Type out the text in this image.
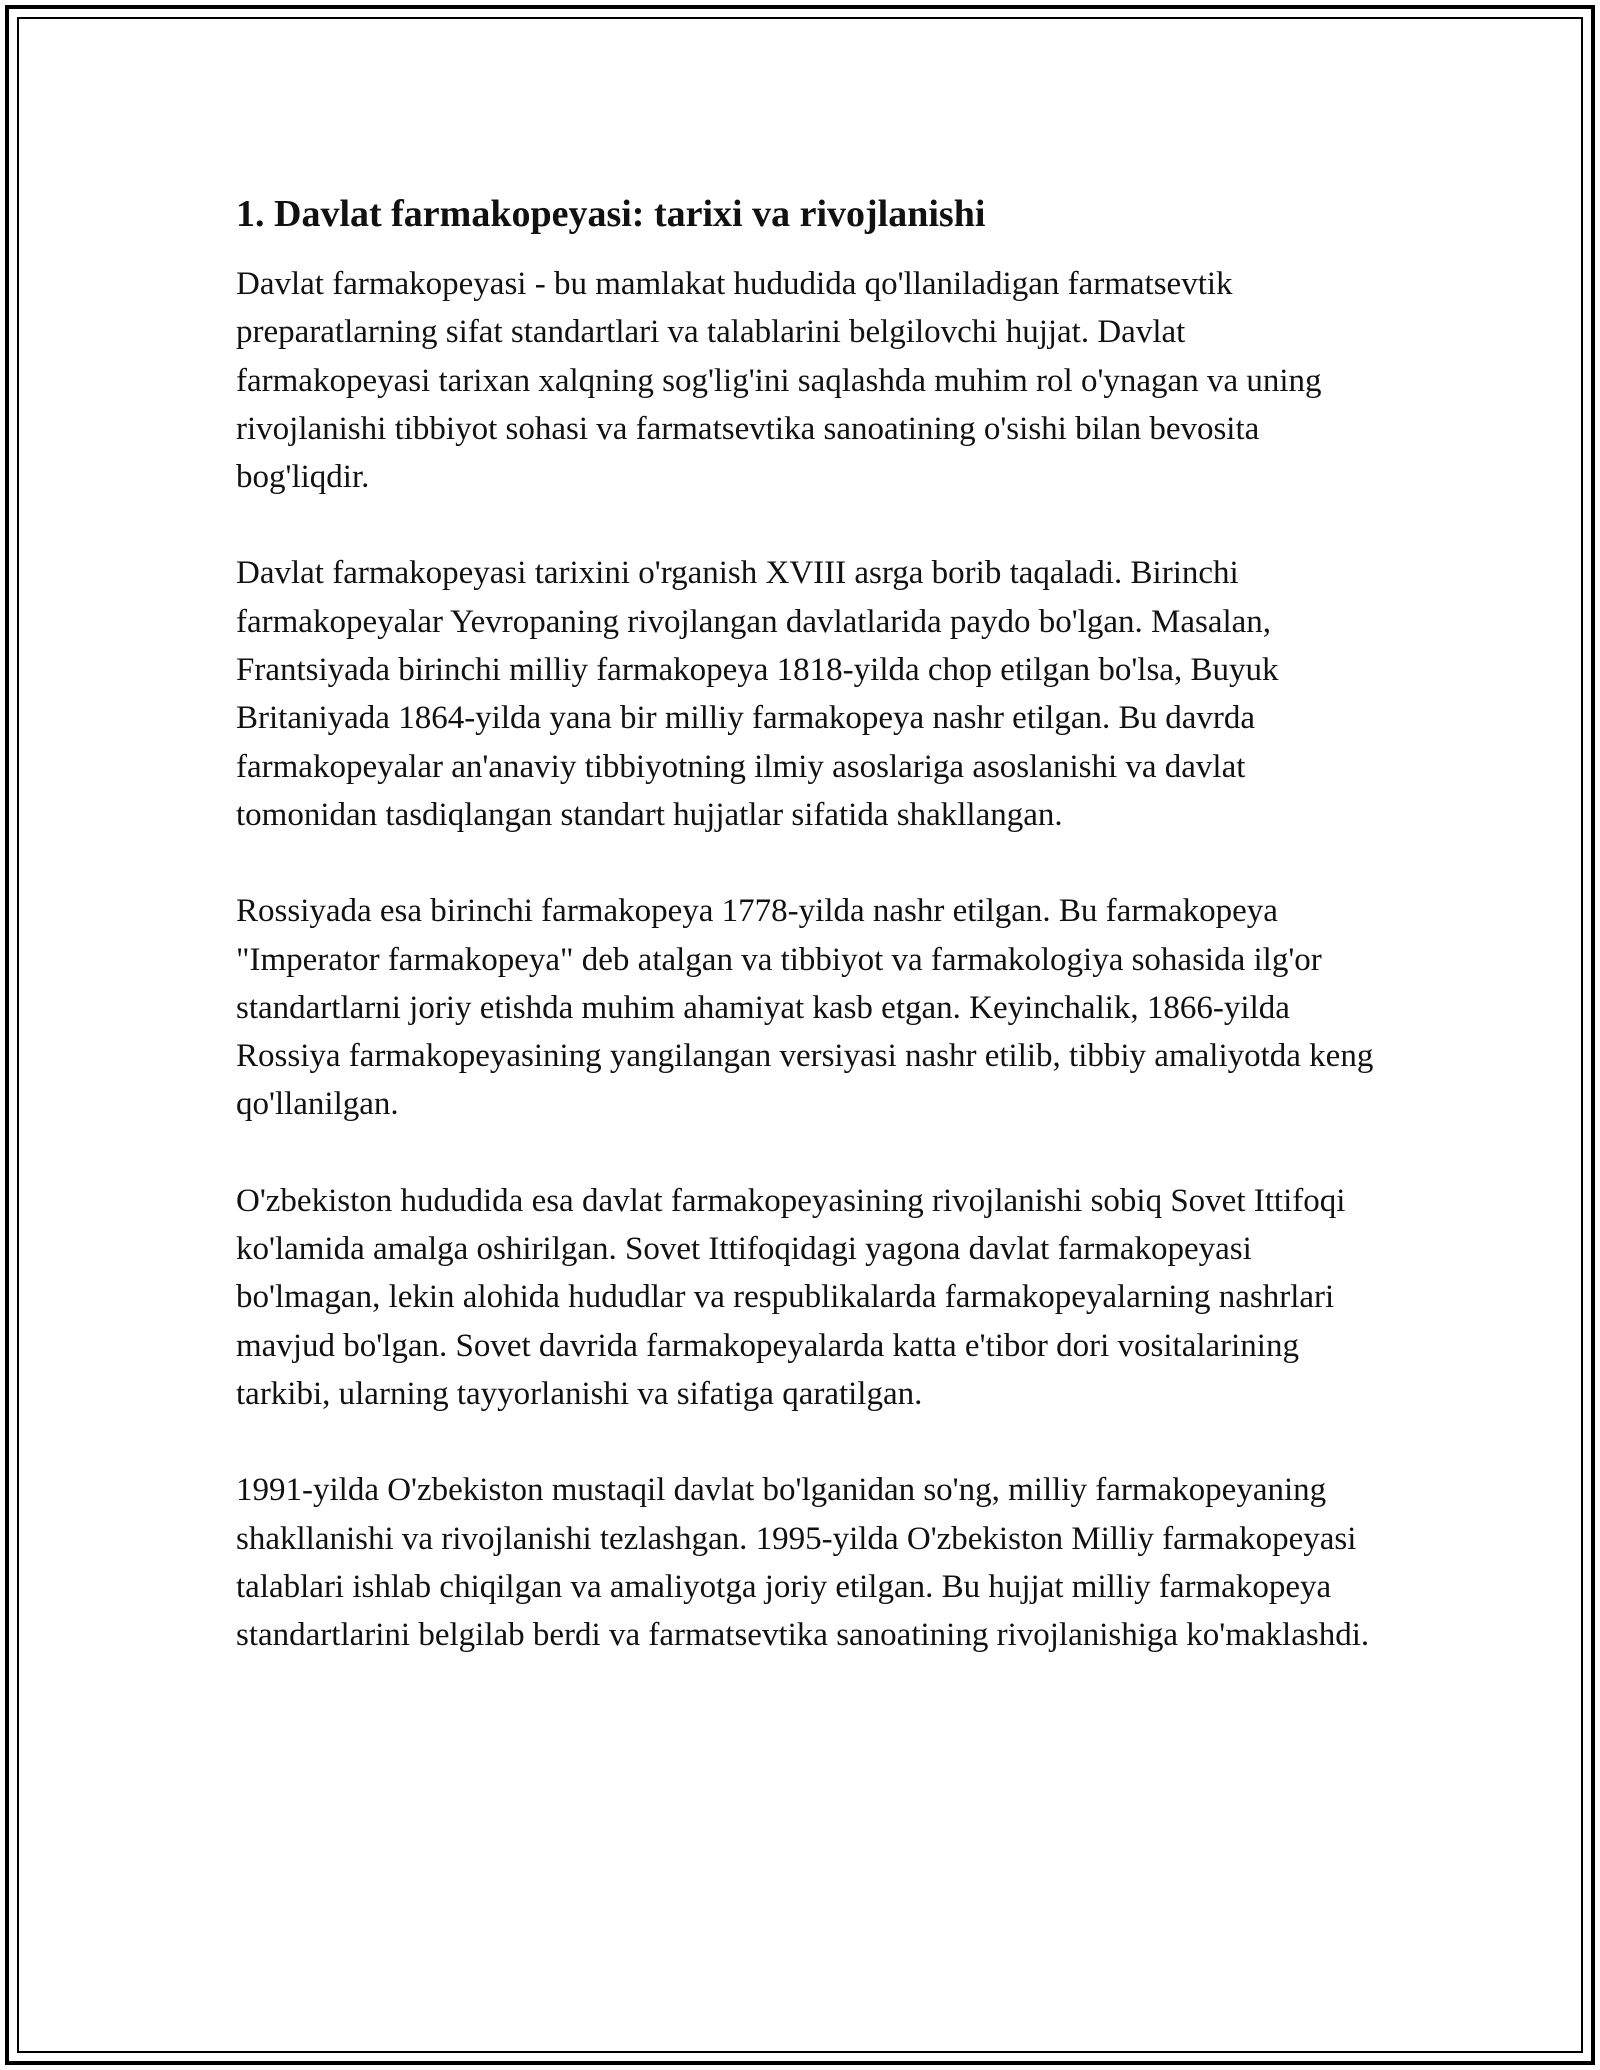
1. Davlat farmakopeyasi: tarixi va rivojlanishi

Davlat farmakopeyasi - bu mamlakat hududida qo'llaniladigan farmatsevtik preparatlarning sifat standartlari va talablarini belgilovchi hujjat. Davlat farmakopeyasi tarixan xalqning sog'lig'ini saqlashda muhim rol o'ynagan va uning rivojlanishi tibbiyot sohasi va farmatsevtika sanoatining o'sishi bilan bevosita bog'liqdir.

Davlat farmakopeyasi tarixini o'rganish XVIII asrga borib taqaladi. Birinchi farmakopeyalar Yevropaning rivojlangan davlatlarida paydo bo'lgan. Masalan, Frantsiyada birinchi milliy farmakopeya 1818-yilda chop etilgan bo'lsa, Buyuk Britaniyada 1864-yilda yana bir milliy farmakopeya nashr etilgan. Bu davrda farmakopeyalar an'anaviy tibbiyotning ilmiy asoslariga asoslanishi va davlat tomonidan tasdiqlangan standart hujjatlar sifatida shakllangan.

Rossiyada esa birinchi farmakopeya 1778-yilda nashr etilgan. Bu farmakopeya "Imperator farmakopeya" deb atalgan va tibbiyot va farmakologiya sohasida ilg'or standartlarni joriy etishda muhim ahamiyat kasb etgan. Keyinchalik, 1866-yilda Rossiya farmakopeyasining yangilangan versiyasi nashr etilib, tibbiy amaliyotda keng qo'llanilgan.

O'zbekiston hududida esa davlat farmakopeyasining rivojlanishi sobiq Sovet Ittifoqi ko'lamida amalga oshirilgan. Sovet Ittifoqidagi yagona davlat farmakopeyasi bo'lmagan, lekin alohida hududlar va respublikalarda farmakopeyalarning nashrlari mavjud bo'lgan. Sovet davrida farmakopeyalarda katta e'tibor dori vositalarining tarkibi, ularning tayyorlanishi va sifatiga qaratilgan.

1991-yilda O'zbekiston mustaqil davlat bo'lganidan so'ng, milliy farmakopeyaning shakllanishi va rivojlanishi tezlashgan. 1995-yilda O'zbekiston Milliy farmakopeyasi talablari ishlab chiqilgan va amaliyotga joriy etilgan. Bu hujjat milliy farmakopeya standartlarini belgilab berdi va farmatsevtika sanoatining rivojlanishiga ko'maklashdi.
